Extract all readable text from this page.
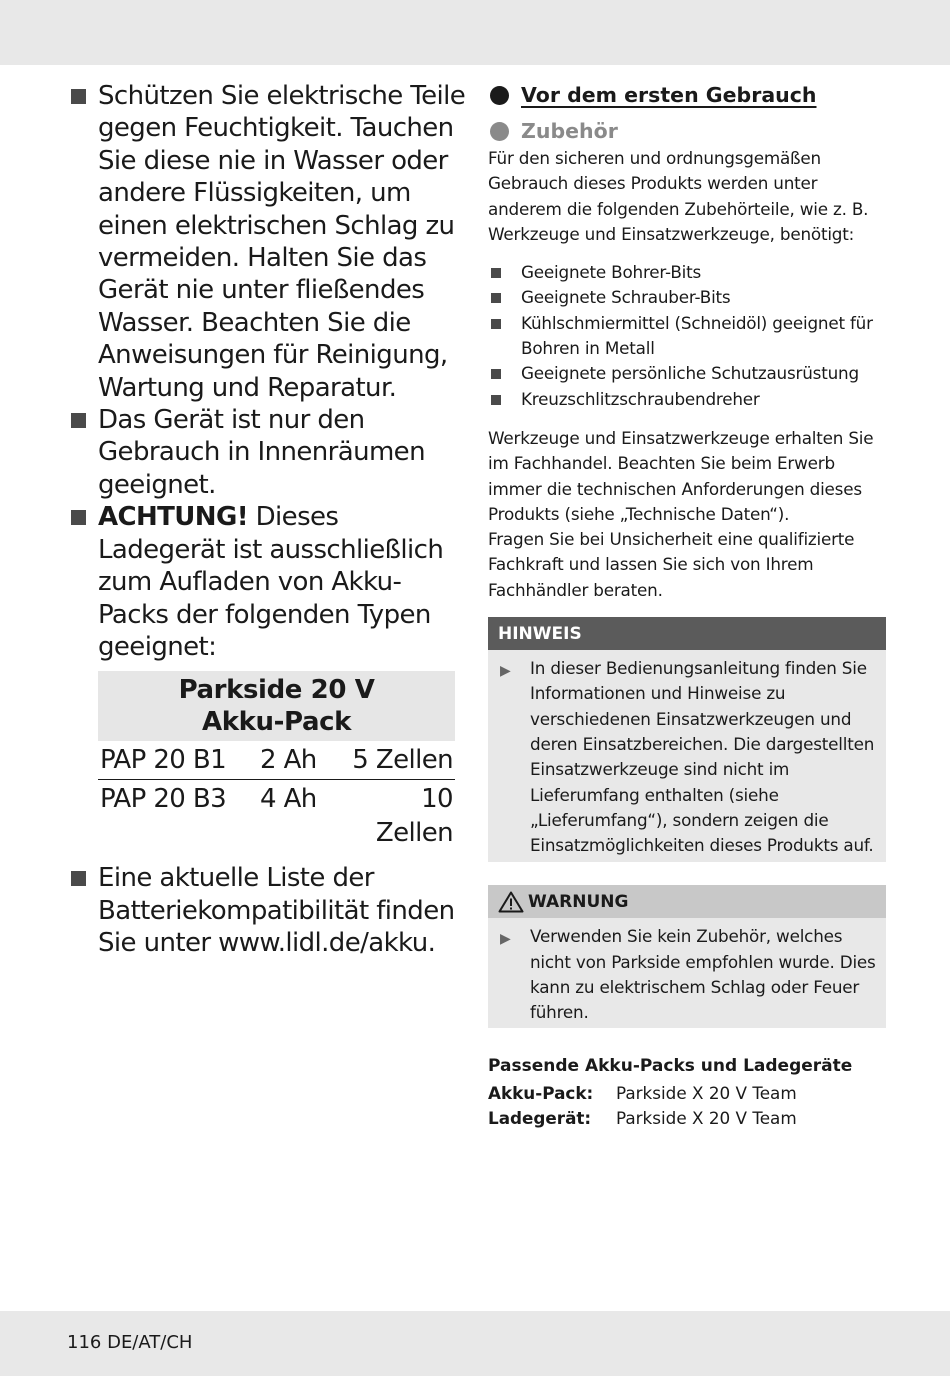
Schützen Sie elektrische Teile gegen Feuchtigkeit. Tauchen Sie diese nie in Wasser oder andere Flüssigkeiten, um einen elektrischen Schlag zu vermeiden. Halten Sie das Gerät nie unter fließendes Wasser. Beachten Sie die Anweisungen für Reinigung, Wartung und Reparatur.
Das Gerät ist nur den Gebrauch in Innenräumen geeignet.
ACHTUNG! Dieses Ladegerät ist ausschließlich zum Aufladen von Akku-Packs der folgenden Typen geeignet:
Parkside 20 V
Akku-Pack
PAP 20 B1	2 Ah	5 Zellen
PAP 20 B3	4 Ah	10 Zellen
Eine aktuelle Liste der Batteriekompatibilität finden Sie unter www.lidl.de/akku.
Vor dem ersten Gebrauch
Zubehör
Für den sicheren und ordnungsgemäßen Gebrauch dieses Produkts werden unter anderem die folgenden Zubehörteile, wie z. B. Werkzeuge und Einsatzwerkzeuge, benötigt:
Geeignete Bohrer-Bits
Geeignete Schrauber-Bits
Kühlschmiermittel (Schneidöl) geeignet für Bohren in Metall
Geeignete persönliche Schutzausrüstung
Kreuzschlitzschraubendreher
Werkzeuge und Einsatzwerkzeuge erhalten Sie im Fachhandel. Beachten Sie beim Erwerb immer die technischen Anforderungen dieses Produkts (siehe „Technische Daten“).
Fragen Sie bei Unsicherheit eine qualifizierte Fachkraft und lassen Sie sich von Ihrem Fachhändler beraten.
HINWEIS
▶ In dieser Bedienungsanleitung finden Sie Informationen und Hinweise zu verschiedenen Einsatzwerkzeugen und deren Einsatzbereichen. Die dargestellten Einsatzwerkzeuge sind nicht im Lieferumfang enthalten (siehe „Lieferumfang“), sondern zeigen die Einsatzmöglichkeiten dieses Produkts auf.
WARNUNG
▶ Verwenden Sie kein Zubehör, welches nicht von Parkside empfohlen wurde. Dies kann zu elektrischem Schlag oder Feuer führen.
Passende Akku-Packs und Ladegeräte
Akku-Pack:	Parkside X 20 V Team
Ladegerät:	Parkside X 20 V Team
116 DE/AT/CH
